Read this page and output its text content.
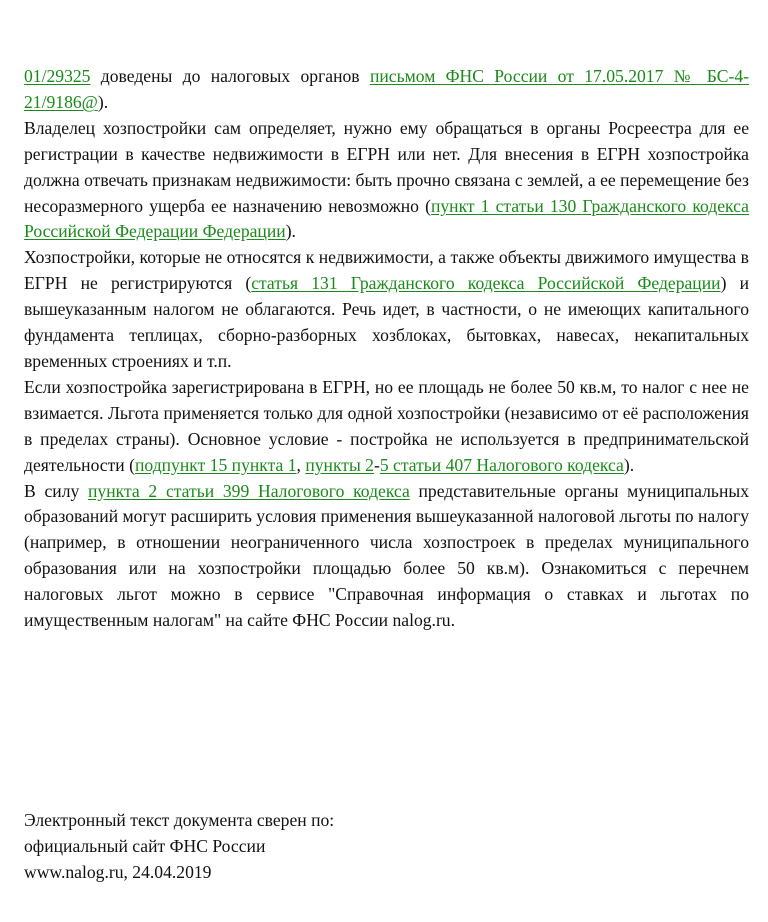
01/29325 доведены до налоговых органов письмом ФНС России от 17.05.2017 № БС-4-21/9186@).

Владелец хозпостройки сам определяет, нужно ему обращаться в органы Росреестра для ее регистрации в качестве недвижимости в ЕГРН или нет. Для внесения в ЕГРН хозпостройка должна отвечать признакам недвижимости: быть прочно связана с землей, а ее перемещение без несоразмерного ущерба ее назначению невозможно (пункт 1 статьи 130 Гражданского кодекса Российской Федерации Федерации).

Хозпостройки, которые не относятся к недвижимости, а также объекты движимого имущества в ЕГРН не регистрируются (статья 131 Гражданского кодекса Российской Федерации) и вышеуказанным налогом не облагаются. Речь идет, в частности, о не имеющих капитального фундамента теплицах, сборно-разборных хозблоках, бытовках, навесах, некапитальных временных строениях и т.п.

Если хозпостройка зарегистрирована в ЕГРН, но ее площадь не более 50 кв.м, то налог с нее не взимается. Льгота применяется только для одной хозпостройки (независимо от её расположения в пределах страны). Основное условие - постройка не используется в предпринимательской деятельности (подпункт 15 пункта 1, пункты 2-5 статьи 407 Налогового кодекса).

В силу пункта 2 статьи 399 Налогового кодекса представительные органы муниципальных образований могут расширить условия применения вышеуказанной налоговой льготы по налогу (например, в отношении неограниченного числа хозпостроек в пределах муниципального образования или на хозпостройки площадью более 50 кв.м). Ознакомиться с перечнем налоговых льгот можно в сервисе "Справочная информация о ставках и льготах по имущественным налогам" на сайте ФНС России nalog.ru.

Электронный текст документа сверен по:
официальный сайт ФНС России
www.nalog.ru, 24.04.2019
